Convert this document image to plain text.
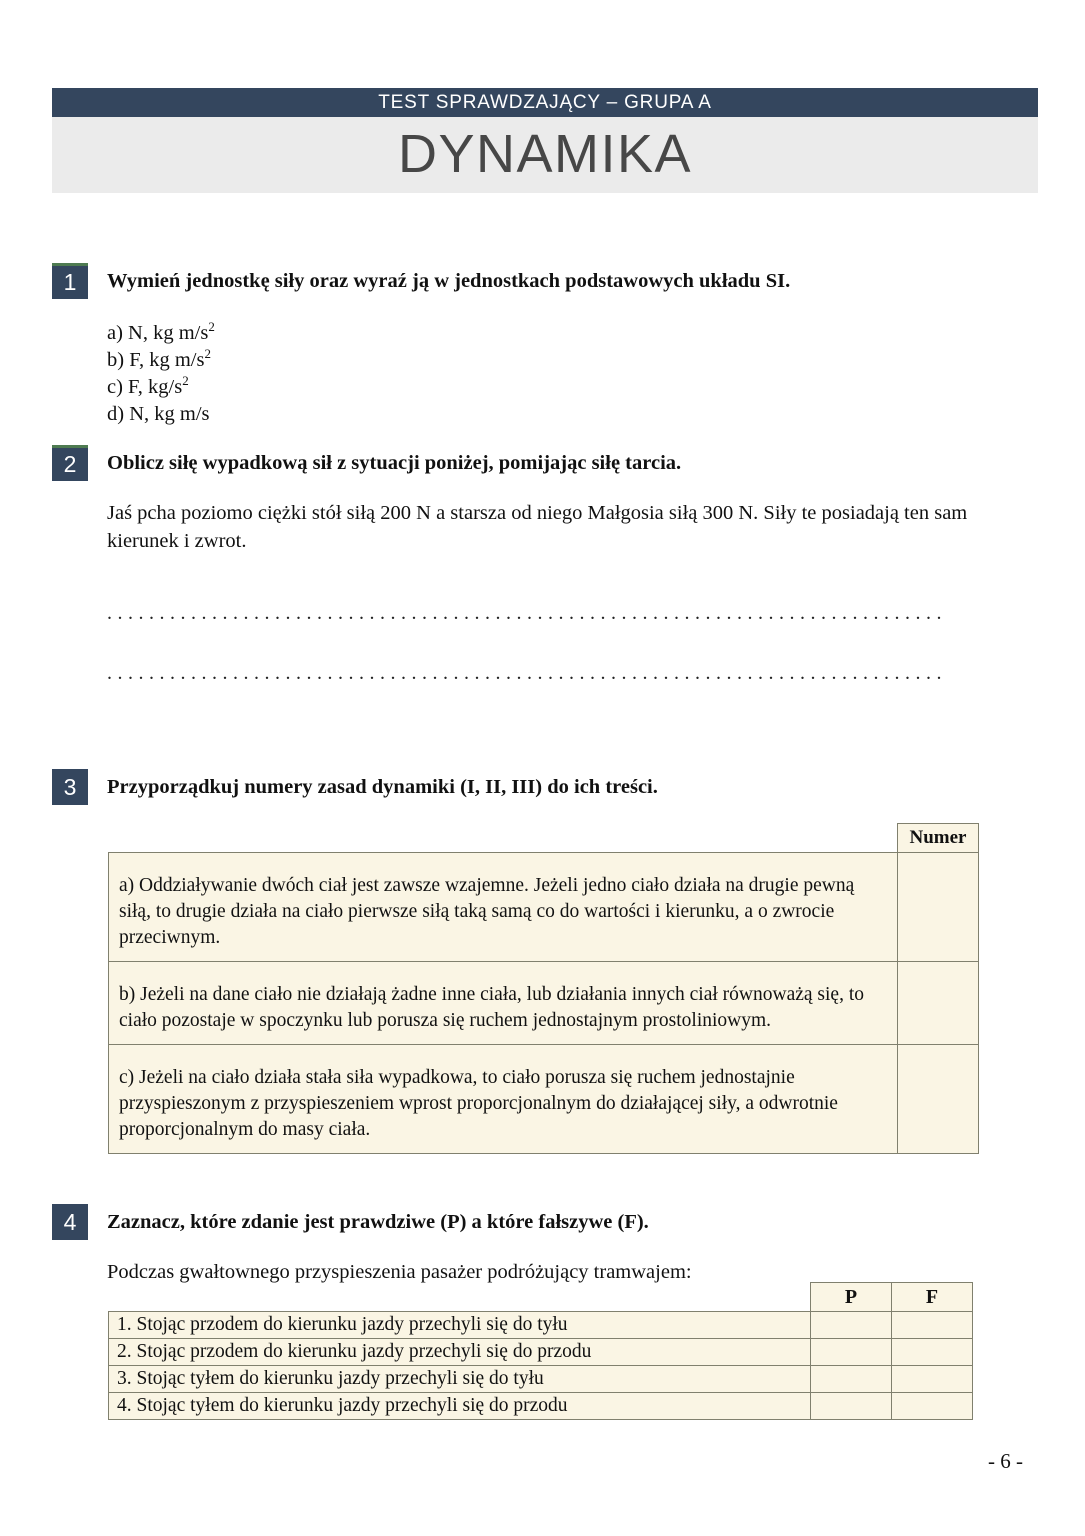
TEST SPRAWDZAJĄCY – GRUPA A
DYNAMIKA
1	Wymień jednostkę siły oraz wyraź ją w jednostkach podstawowych układu SI.
a) N, kg $m/s^2$
b) F, kg $m/s^2$
c) F, $kg/s^2$
d) N, kg m/s
2	Oblicz siłę wypadkową sił z sytuacji poniżej, pomijając siłę tarcia.
Jaś pcha poziomo ciężki stół siłą 200 N a starsza od niego Małgosia siłą 300 N. Siły te posiadają ten sam kierunek i zwrot.
................................................................................
................................................................................
3	Przyporządkuj numery zasad dynamiki (I, II, III) do ich treści.
	Numer
a) Oddziaływanie dwóch ciał jest zawsze wzajemne. Jeżeli jedno ciało działa na drugie pewną siłą, to drugie działa na ciało pierwsze siłą taką samą co do wartości i kierunku, a o zwrocie przeciwnym.	
b) Jeżeli na dane ciało nie działają żadne inne ciała, lub działania innych ciał równoważą się, to ciało pozostaje w spoczynku lub porusza się ruchem jednostajnym prostoliniowym.	
c) Jeżeli na ciało działa stała siła wypadkowa, to ciało porusza się ruchem jednostajnie przyspieszonym z przyspieszeniem wprost proporcjonalnym do działającej siły, a odwrotnie proporcjonalnym do masy ciała.	
4	Zaznacz, które zdanie jest prawdziwe (P) a które fałszywe (F).
Podczas gwałtownego przyspieszenia pasażer podróżujący tramwajem:
	P	F
1. Stojąc przodem do kierunku jazdy przechyli się do tyłu		
2. Stojąc przodem do kierunku jazdy przechyli się do przodu		
3. Stojąc tyłem do kierunku jazdy przechyli się do tyłu		
4. Stojąc tyłem do kierunku jazdy przechyli się do przodu		
- 6 -
